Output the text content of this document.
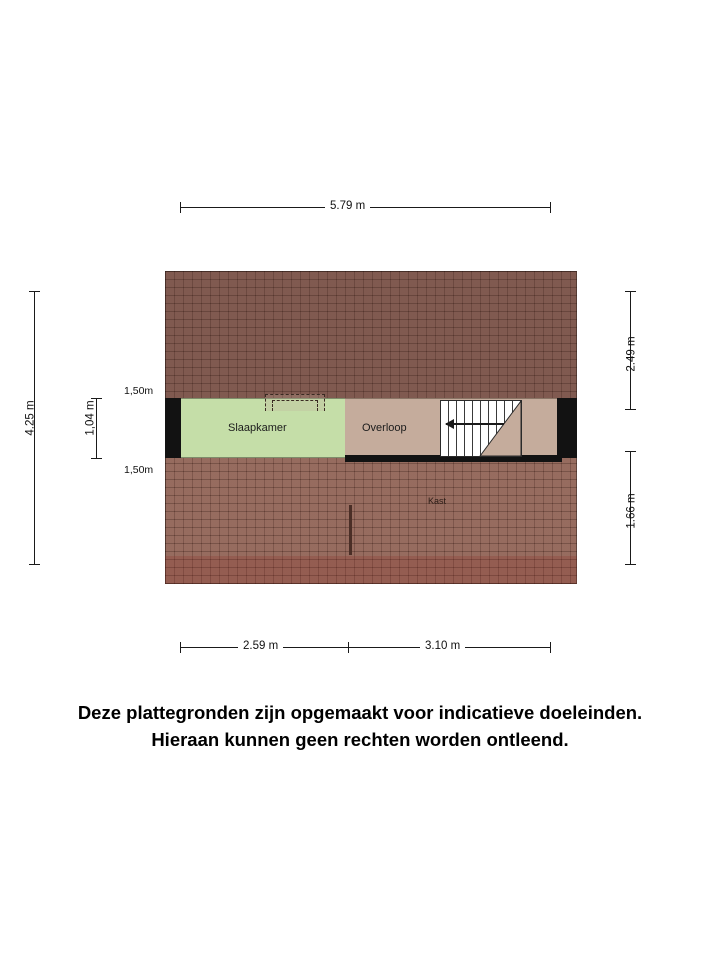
Slaapkamer	Overloop
Kast
5.79 m
2.59 m	3.10 m
4.25 m	1,04 m
2.49 m
1.66 m
1,50m
1,50m
Deze plattegronden zijn opgemaakt voor indicatieve doeleinden.
Hieraan kunnen geen rechten worden ontleend.
